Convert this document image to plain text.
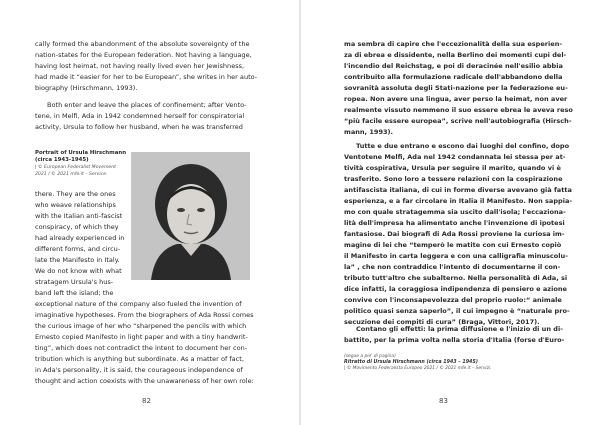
cally formed the abandonment of the absolute sovereignty of the

nation-states for the European federation. Not having a language,

having lost heimat, not having really lived even her Jewishness,

had made it “easier for her to be European”, she writes in her auto-

biography (Hirschmann, 1993).

Both enter and leave the places of confinement; after Vento-

tene, in Melfi, Ada in 1942 condemned herself for conspiratorial

activity, Ursula to follow her husband, when he was transferred

Portrait of Ursula Hirschmann
(circa 1943-1945)
| © European Federalist Movement
2021 / © 2021 mfe.it – Service.

there. They are the ones

who weave relationships

with the Italian anti-fascist

conspiracy, of which they

had already experienced in

different forms, and circu-

late the Manifesto in Italy.

We do not know with what

stratagem Ursula's hus-

band left the island; the

exceptional nature of the company also fueled the invention of

imaginative hypotheses. From the biographers of Ada Rossi comes

the curious image of her who “sharpened the pencils with which

Ernesto copied Manifesto in light paper and with a tiny handwrit-

ting”, which does not contradict the intent to document her con-

tribution which is anything but subordinate. As a matter of fact,

in Ada's personality, it is said, the courageous independence of

thought and action coexists with the unawareness of her own role:

82

ma sembra di capire che l'eccezionalità della sua esperien-

za di ebrea e dissidente, nella Berlino dei momenti cupi del-

l'incendio del Reichstag, e poi di deracinée nell'esilio abbia

contribuito alla formulazione radicale dell'abbandono della

sovranità assoluta degli Stati-nazione per la federazione eu-

ropea. Non avere una lingua, aver perso la heimat, non aver

realmente vissuto nemmeno il suo essere ebrea le aveva reso

“più facile essere europea”, scrive nell'autobiografia (Hirsch-

mann, 1993).

Tutte e due entrano e escono dai luoghi del confino, dopo

Ventotene Melfi, Ada nel 1942 condannata lei stessa per at-

tività cospirativa, Ursula per seguire il marito, quando vi è

trasferito. Sono loro a tessere relazioni con la cospirazione

antifascista italiana, di cui in forme diverse avevano già fatta

esperienza, e a far circolare in Italia il Manifesto. Non sappia-

mo con quale stratagemma sia uscito dall'isola; l'eccaziona-

lità dell'impresa ha alimentato anche l'invenzione di ipotesi

fantasiose. Dai biografi di Ada Rossi proviene la curiosa im-

magine di lei che “temperò le matite con cui Ernesto copiò

il Manifesto in carta leggera e con una calligrafia minuscolu-

la” , che non contraddice l'intento di documentarne il con-

tributo tutt'altro che subalterno. Nella personalità di Ada, si

dice infatti, la coraggiosa indipendenza di pensiero e azione

convive con l'inconsapevolezza del proprio ruolo:“ animale

politico quasi senza saperlo”, il cui impegno è “naturale pro-

secuzione dei compiti di cura” (Braga, Vittori, 2017).

Contano gli effetti: la prima diffusione e l'inizio di un di-

battito, per la prima volta nella storia d'Italia (forse d'Euro-

(segue a pie' di pagina)
Ritratto di Ursula Hirschmann (circa 1943 – 1945)
| © Movimento Federalista Europeo 2021 / © 2021 mfe.it – Servizi.
83
